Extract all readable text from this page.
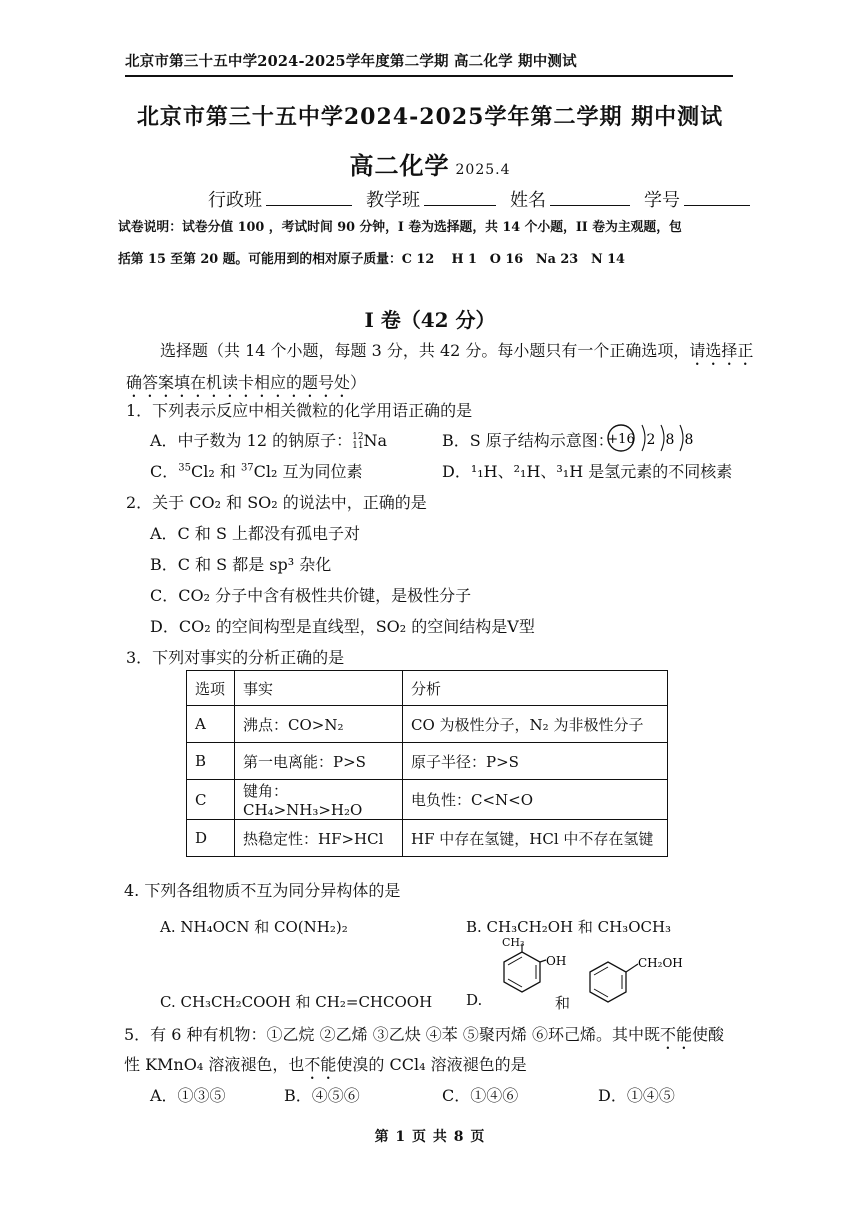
北京市第三十五中学2024-2025学年度第二学期 高二化学 期中测试
北京市第三十五中学2024-2025学年第二学期 期中测试
高二化学 2025.4
行政班	教学班	姓名	学号
试卷说明：试卷分值 100 ，考试时间 90 分钟，I 卷为选择题，共 14 个小题，II 卷为主观题，包
括第 15 至第 20 题。可能用到的相对原子质量：C 12　 H 1　O 16　Na 23　N 14
I 卷（42 分）
选择题（共 14 个小题，每题 3 分，共 42 分。每小题只有一个正确选项，请选择正
确答案填在机读卡相应的题号处）
1．下列表示反应中相关微粒的化学用语正确的是
A．中子数为 12 的钠原子： 12
11 Na	B．S 原子结构示意图：
+16 2 8 8
C．$^{35}$Cl₂ 和 $^{37}$Cl₂ 互为同位素	D．¹₁H、²₁H、³₁H 是氢元素的不同核素
2．关于 CO₂ 和 SO₂ 的说法中，正确的是
A．C 和 S 上都没有孤电子对
B．C 和 S 都是 sp³ 杂化
C．CO₂ 分子中含有极性共价键，是极性分子
D．CO₂ 的空间构型是直线型，SO₂ 的空间结构是V型
3．下列对事实的分析正确的是
选项	事实	分析
A	沸点：CO>N₂	CO 为极性分子，N₂ 为非极性分子
B	第一电离能：P>S	原子半径：P>S
C	键角：CH₄>NH₃>H₂O	电负性：C<N<O
D	热稳定性：HF>HCl	HF 中存在氢键，HCl 中不存在氢键
4. 下列各组物质不互为同分异构体的是
A. NH₄OCN 和 CO(NH₂)₂	B. CH₃CH₂OH 和 CH₃OCH₃
C. CH₃CH₂COOH 和 CH₂=CHCOOH D.
OH
CH₃
和
CH₂OH
5．有 6 种有机物：①乙烷 ②乙烯 ③乙炔 ④苯 ⑤聚丙烯 ⑥环己烯。其中既不能使酸
性 KMnO₄ 溶液褪色，也不能使溴的 CCl₄ 溶液褪色的是
A．①③⑤	B．④⑤⑥	C．①④⑥	D．①④⑤
第 1 页 共 8 页
